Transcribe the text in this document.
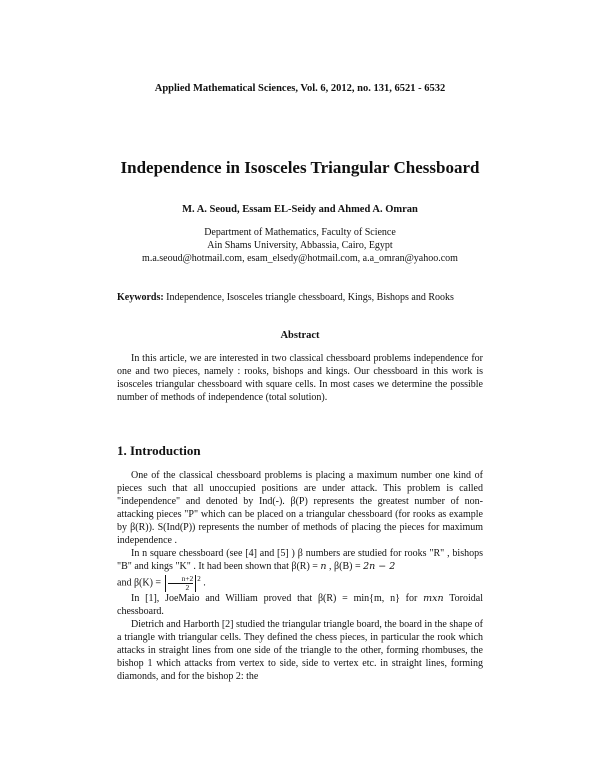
Applied Mathematical Sciences, Vol. 6, 2012, no. 131, 6521 - 6532
Independence in Isosceles Triangular Chessboard
M. A. Seoud, Essam EL-Seidy and Ahmed A. Omran
Department of Mathematics, Faculty of Science
Ain Shams University, Abbassia, Cairo, Egypt
m.a.seoud@hotmail.com, esam_elsedy@hotmail.com, a.a_omran@yahoo.com
Keywords: Independence, Isosceles triangle chessboard, Kings, Bishops and Rooks
Abstract

In this article, we are interested in two classical chessboard problems independence for one and two pieces, namely : rooks, bishops and kings. Our chessboard in this work is isosceles triangular chessboard with square cells. In most cases we determine the possible number of methods of independence (total solution).

1. Introduction

One of the classical chessboard problems is placing a maximum number one kind of pieces such that all unoccupied positions are under attack. This problem is called "independence" and denoted by Ind(-). β(P) represents the greatest number of non-attacking pieces "P" which can be placed on a triangular chessboard (for rooks as example by β(R)). S(Ind(P)) represents the number of methods of placing the pieces for maximum independence .

In n square chessboard (see [4] and [5] ) β numbers are studied for rooks "R" , bishops "B" and kings "K" . It had been shown that β(R) = n , β(B) = 2n − 2
and $\beta(K) = \frac{n+2}{2} ^2$ .

In [1], JoeMaio and William proved that β(R) = min{m, n} for mxn Toroidal chessboard.

Dietrich and Harborth [2] studied the triangular triangle board, the board in the shape of a triangle with triangular cells. They defined the chess pieces, in particular the rook which attacks in straight lines from one side of the triangle to the other, forming rhombuses, the bishop 1 which attacks from vertex to side, side to vertex etc. in straight lines, forming diamonds, and for the bishop 2: the
